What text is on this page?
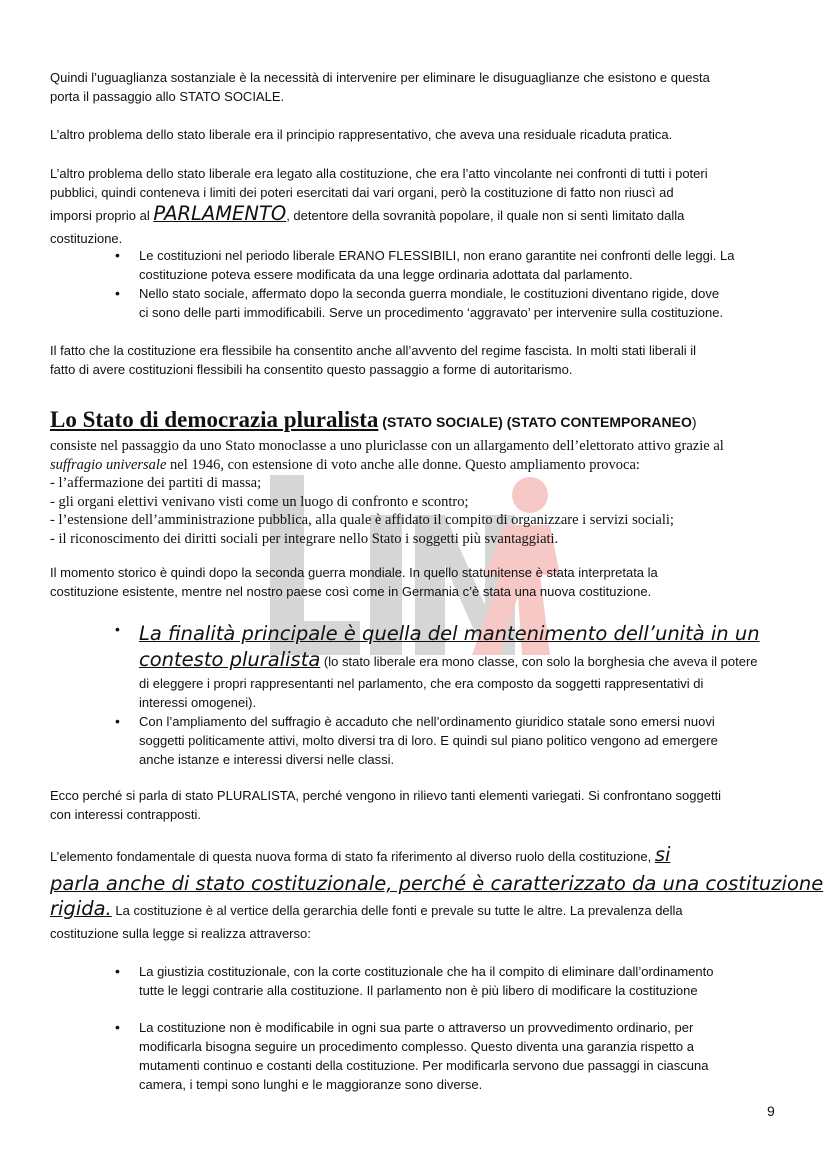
Quindi l’uguaglianza sostanziale è la necessità di intervenire per eliminare le disuguaglianze che esistono e questa
porta il passaggio allo STATO SOCIALE.

L’altro problema dello stato liberale era il principio rappresentativo, che aveva una residuale ricaduta pratica.

L’altro problema dello stato liberale era legato alla costituzione, che era l’atto vincolante nei confronti di tutti i poteri
pubblici, quindi conteneva i limiti dei poteri esercitati dai vari organi, però la costituzione di fatto non riuscì ad
imporsi proprio al PARLAMENTO, detentore della sovranità popolare, il quale non si sentì limitato dalla
costituzione.

• Le costituzioni nel periodo liberale ERANO FLESSIBILI, non erano garantite nei confronti delle leggi. La
costituzione poteva essere modificata da una legge ordinaria adottata dal parlamento.
• Nello stato sociale, affermato dopo la seconda guerra mondiale, le costituzioni diventano rigide, dove
ci sono delle parti immodificabili. Serve un procedimento ‘aggravato’ per intervenire sulla costituzione.

Il fatto che la costituzione era flessibile ha consentito anche all’avvento del regime fascista. In molti stati liberali il
fatto di avere costituzioni flessibili ha consentito questo passaggio a forme di autoritarismo.

Lo Stato di democrazia pluralista (STATO SOCIALE) (STATO CONTEMPORANEO)
consiste nel passaggio da uno Stato monoclasse a uno pluriclasse con un allargamento dell’elettorato attivo grazie al
suffragio universale nel 1946, con estensione di voto anche alle donne. Questo ampliamento provoca:
- l’affermazione dei partiti di massa;
- gli organi elettivi venivano visti come un luogo di confronto e scontro;
- l’estensione dell’amministrazione pubblica, alla quale è affidato il compito di organizzare i servizi sociali;
- il riconoscimento dei diritti sociali per integrare nello Stato i soggetti più svantaggiati.

Il momento storico è quindi dopo la seconda guerra mondiale. In quello statunitense è stata interpretata la
costituzione esistente, mentre nel nostro paese così come in Germania c’è stata una nuova costituzione.

• La finalità principale è quella del mantenimento dell’unità in un
contesto pluralista (lo stato liberale era mono classe, con solo la borghesia che aveva il potere
di eleggere i propri rappresentanti nel parlamento, che era composto da soggetti rappresentativi di
interessi omogenei).
• Con l’ampliamento del suffragio è accaduto che nell’ordinamento giuridico statale sono emersi nuovi
soggetti politicamente attivi, molto diversi tra di loro. E quindi sul piano politico vengono ad emergere
anche istanze e interessi diversi nelle classi.

Ecco perché si parla di stato PLURALISTA, perché vengono in rilievo tanti elementi variegati. Si confrontano soggetti
con interessi contrapposti.

L’elemento fondamentale di questa nuova forma di stato fa riferimento al diverso ruolo della costituzione, si
parla anche di stato costituzionale, perché è caratterizzato da una costituzione
rigida. La costituzione è al vertice della gerarchia delle fonti e prevale su tutte le altre. La prevalenza della
costituzione sulla legge si realizza attraverso:

• La giustizia costituzionale, con la corte costituzionale che ha il compito di eliminare dall’ordinamento
tutte le leggi contrarie alla costituzione. Il parlamento non è più libero di modificare la costituzione
• La costituzione non è modificabile in ogni sua parte o attraverso un provvedimento ordinario, per
modificarla bisogna seguire un procedimento complesso. Questo diventa una garanzia rispetto a
mutamenti continuo e costanti della costituzione. Per modificarla servono due passaggi in ciascuna
camera, i tempi sono lunghi e le maggioranze sono diverse.
9
